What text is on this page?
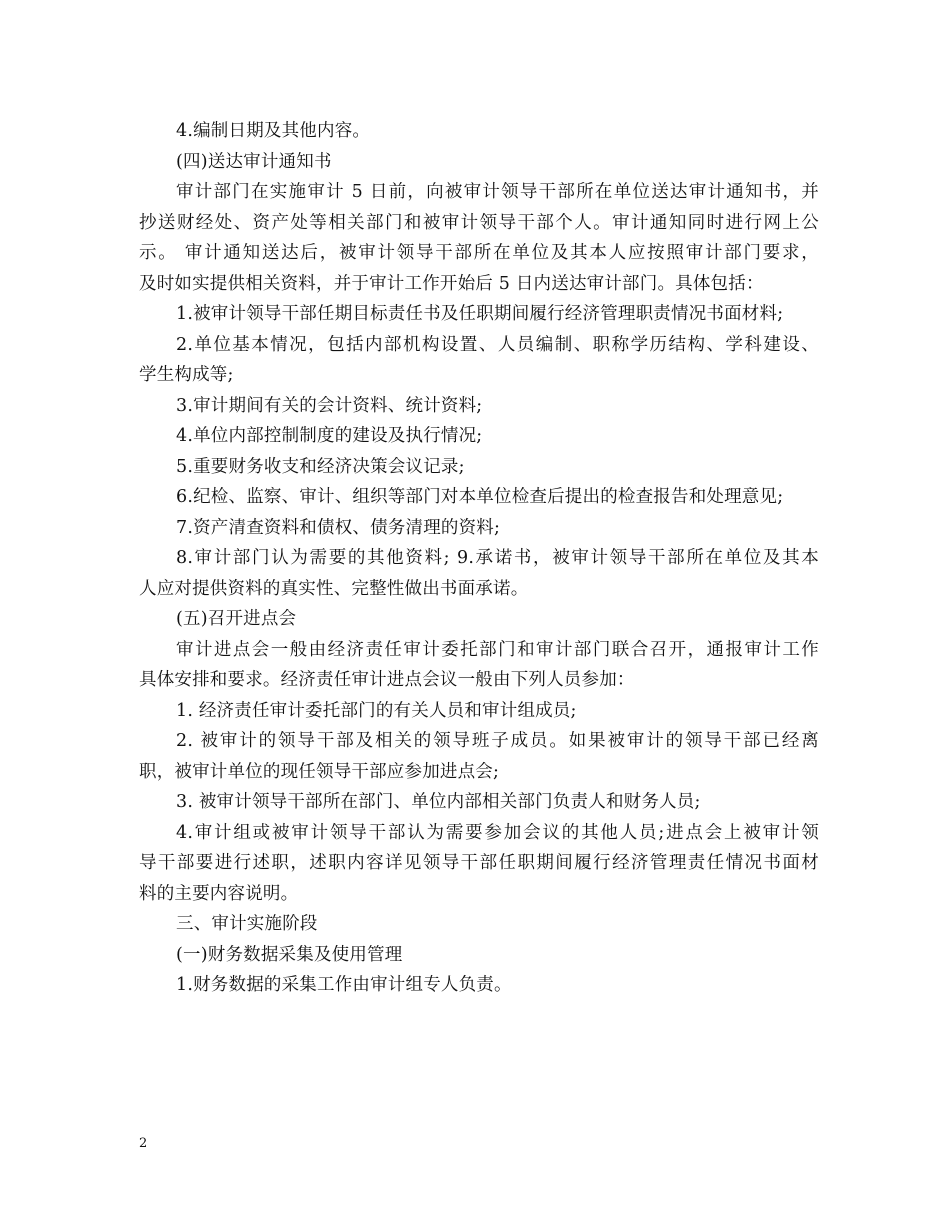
4.编制日期及其他内容。
(四)送达审计通知书
审计部门在实施审计 5 日前，向被审计领导干部所在单位送达审计通知书，并
抄送财经处、资产处等相关部门和被审计领导干部个人。审计通知同时进行网上公
示。 审计通知送达后，被审计领导干部所在单位及其本人应按照审计部门要求，
及时如实提供相关资料，并于审计工作开始后 5 日内送达审计部门。具体包括：
1.被审计领导干部任期目标责任书及任职期间履行经济管理职责情况书面材料;
2.单位基本情况，包括内部机构设置、人员编制、职称学历结构、学科建设、
学生构成等;
3.审计期间有关的会计资料、统计资料;
4.单位内部控制制度的建设及执行情况;
5.重要财务收支和经济决策会议记录;
6.纪检、监察、审计、组织等部门对本单位检查后提出的检查报告和处理意见;
7.资产清查资料和债权、债务清理的资料;
8.审计部门认为需要的其他资料; 9.承诺书，被审计领导干部所在单位及其本
人应对提供资料的真实性、完整性做出书面承诺。
(五)召开进点会
审计进点会一般由经济责任审计委托部门和审计部门联合召开，通报审计工作
具体安排和要求。经济责任审计进点会议一般由下列人员参加：
1. 经济责任审计委托部门的有关人员和审计组成员;
2. 被审计的领导干部及相关的领导班子成员。如果被审计的领导干部已经离
职，被审计单位的现任领导干部应参加进点会;
3. 被审计领导干部所在部门、单位内部相关部门负责人和财务人员;
4.审计组或被审计领导干部认为需要参加会议的其他人员;进点会上被审计领
导干部要进行述职，述职内容详见领导干部任职期间履行经济管理责任情况书面材
料的主要内容说明。
三、审计实施阶段
(一)财务数据采集及使用管理
1.财务数据的采集工作由审计组专人负责。
2
